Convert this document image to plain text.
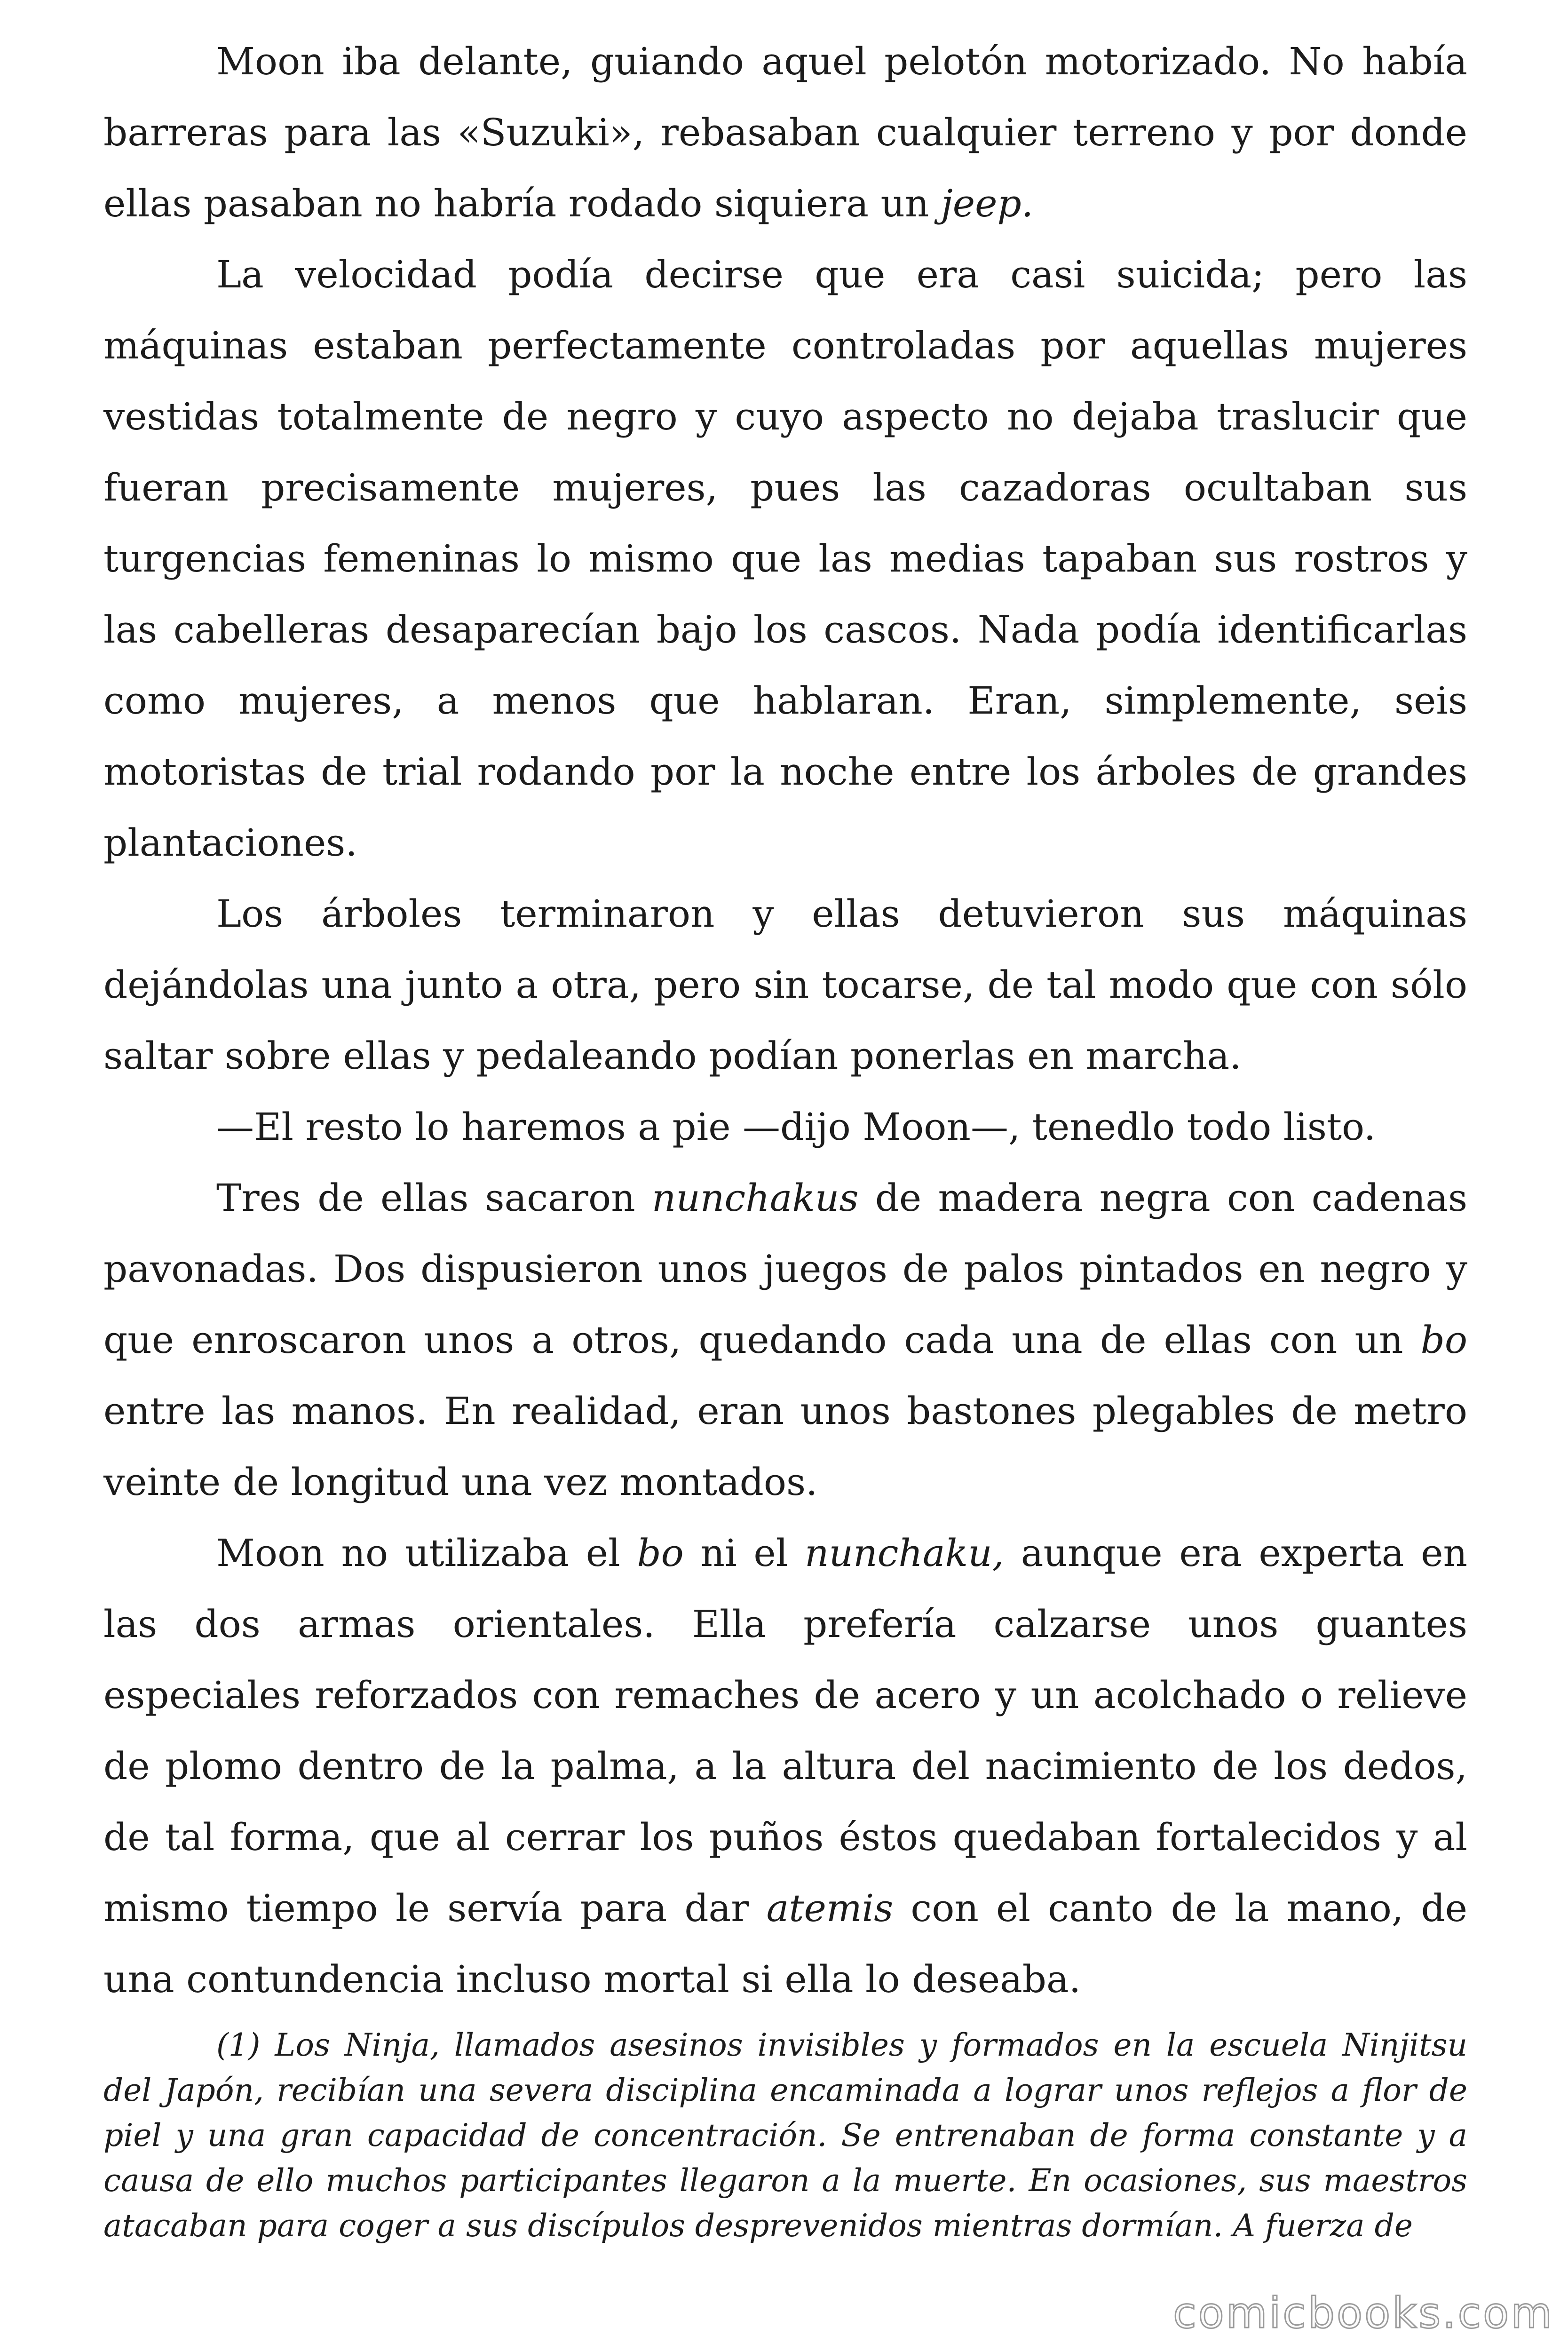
Moon iba delante, guiando aquel pelotón motorizado. No había barreras para las «Suzuki», rebasaban cualquier terreno y por donde ellas pasaban no habría rodado siquiera un jeep.

La velocidad podía decirse que era casi suicida; pero las máquinas estaban perfectamente controladas por aquellas mujeres vestidas totalmente de negro y cuyo aspecto no dejaba traslucir que fueran precisamente mujeres, pues las cazadoras ocultaban sus turgencias femeninas lo mismo que las medias tapaban sus rostros y las cabelleras desaparecían bajo los cascos. Nada podía identificarlas como mujeres, a menos que hablaran. Eran, simplemente, seis motoristas de trial rodando por la noche entre los árboles de grandes plantaciones.

Los árboles terminaron y ellas detuvieron sus máquinas dejándolas una junto a otra, pero sin tocarse, de tal modo que con sólo saltar sobre ellas y pedaleando podían ponerlas en marcha.

—El resto lo haremos a pie —dijo Moon—, tenedlo todo listo.

Tres de ellas sacaron nunchakus de madera negra con cadenas pavonadas. Dos dispusieron unos juegos de palos pintados en negro y que enroscaron unos a otros, quedando cada una de ellas con un bo entre las manos. En realidad, eran unos bastones plegables de metro veinte de longitud una vez montados.

Moon no utilizaba el bo ni el nunchaku, aunque era experta en las dos armas orientales. Ella prefería calzarse unos guantes especiales reforzados con remaches de acero y un acolchado o relieve de plomo dentro de la palma, a la altura del nacimiento de los dedos, de tal forma, que al cerrar los puños éstos quedaban fortalecidos y al mismo tiempo le servía para dar atemis con el canto de la mano, de una contundencia incluso mortal si ella lo deseaba.

(1) Los Ninja, llamados asesinos invisibles y formados en la escuela Ninjitsu del Japón, recibían una severa disciplina encaminada a lograr unos reflejos a flor de piel y una gran capacidad de concentración. Se entrenaban de forma constante y a causa de ello muchos participantes llegaron a la muerte. En ocasiones, sus maestros atacaban para coger a sus discípulos desprevenidos mientras dormían. A fuerza de

comicbooks.com
